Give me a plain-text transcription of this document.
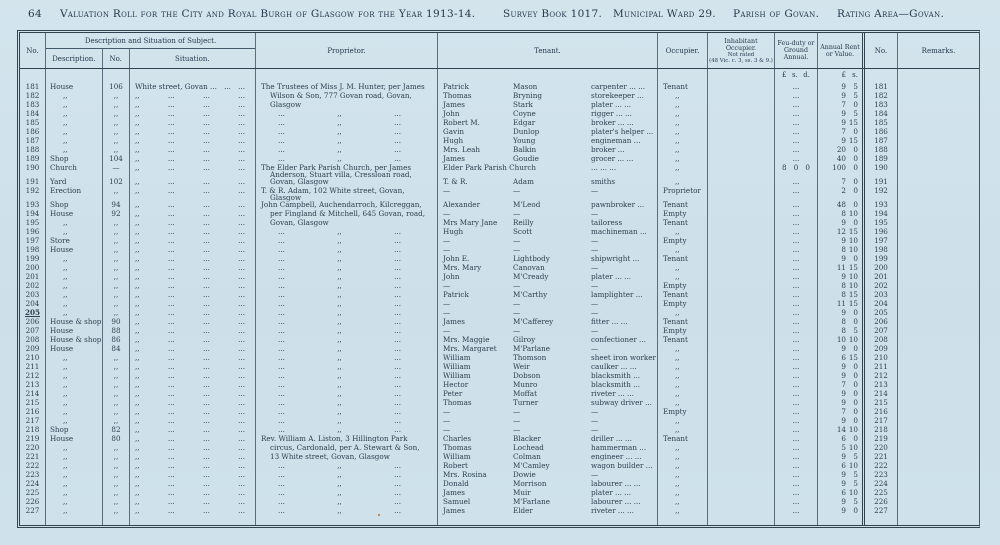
64 Valuation Roll for the City and Royal Burgh of Glasgow for the Year 1913-14.	Survey Book 1017. Municipal Ward 29. Parish of Govan. Rating Area—Govan.
No.
Description and Situation of Subject.
Description.	No.	Situation.
Proprietor.	Tenant.	Occupier.
Inhabitant Occupier.
Not rated
(48 Vic. c. 3, ss. 3 & 9.)
Feu-duty or Ground Annual.
Annual Rent or Value.	No.	Remarks.
£ s. d.	£ s.
181	House	106	White street, Govan ... ... ...	The Trustees of Miss J. M. Hunter, per James	Patrick	Mason	carpenter ... ...	Tenant	...	9	5	181
182	,,	,,	,,	...	...	...	Wilson & Son, 777 Govan road, Govan,	Thomas	Bryning	storekeeper ...	,,	...	9	5	182
183	,,	,,	,,	...	...	...	Glasgow	James	Stark	plater ... ...	,,	...	7	0	183
184	,,	,,	,,	...	...	...	...	,,	...	John	Coyne	rigger ... ...	,,	...	9	5	184
185	,,	,,	,,	...	...	...	...	,,	...	Robert M.	Edgar	broker ... ...	,,	...	9 15	185
186	,,	,,	,,	...	...	...	...	,,	...	Gavin	Dunlop	plater's helper ...	,,	...	7	0	186
187	,,	,,	,,	...	...	...	...	,,	...	Hugh	Young	engineman ...	,,	...	9 15	187
188	,,	,,	,,	...	...	...	...	,,	...	Mrs. Leah	Balkin	broker ...	,,	...	20	0	188
189	Shop	104	,,	...	...	...	...	,,	...	James	Goudie	grocer ... ...	,,	...	40	0	189
190	Church	—	,,	...	...	...	The Elder Park Parish Church, per James	Elder Park Parish Church	... ... ...	,,	8 0 0	100	0	190
Anderson, Stuart villa, Cressloan road,
191	Yard	102	,,	...	...	...	Govan, Glasgow	T. & R.	Adam	smiths	,,	...	7	0	191
192	Erection	,,	,,	...	...	...	T. & R. Adam, 102 White street, Govan,	—	—	—	Proprietor	...	2	0	192
Glasgow
193	Shop	94	,,	...	...	...	John Campbell, Auchendarroch, Kilcreggan,	Alexander	M'Leod	pawnbroker ...	Tenant	...	48	0	193
194	House	92	,,	...	...	...	per Fingland & Mitchell, 645 Govan, road,	—	—	—	Empty	...	8 10	194
195	,,	,,	,,	...	...	...	Govan, Glasgow	Mrs Mary Jane	Reilly	tailoress	Tenant	...	9	0	195
196	,,	,,	,,	...	...	...	...	,,	...	Hugh	Scott	machineman ...	,,	...	12 15	196
197	Store	,,	,,	...	...	...	...	,,	...	—	—	—	Empty	...	9 10	197
198	House	,,	,,	...	...	...	...	,,	...	—	—	—	,,	...	8 10	198
199	,,	,,	,,	...	...	...	...	,,	...	John E.	Lightbody	shipwright ...	Tenant	...	9	0	199
200	,,	,,	,,	...	...	...	...	,,	...	Mrs. Mary	Canovan	—	,,	...	11 15	200
201	,,	,,	,,	...	...	...	...	,,	...	John	M'Cready	plater ... ...	,,	...	9 10	201
202	,,	,,	,,	...	...	...	...	,,	...	—	—	—	Empty	...	8 10	202
203	,,	,,	,,	...	...	...	...	,,	...	Patrick	M'Carthy	lamplighter ...	Tenant	...	8 15	203
204	,,	,,	,,	...	...	...	...	,,	...	—	—	—	Empty	...	11 15	204
205	,,	,,	,,	...	...	...	...	,,	...	—	—	—	,,	...	9	0	205
206	House & shop	90	,,	...	...	...	...	,,	...	James	M'Cafferey	fitter ... ...	Tenant	...	8	0	206
207	House	88	,,	...	...	...	...	,,	...	—	—	—	Empty	...	8	5	207
208	House & shop	86	,,	...	...	...	...	,,	...	Mrs. Maggie	Gilroy	confectioner ...	Tenant	...	10 10	208
209	House	84	,,	...	...	...	...	,,	...	Mrs. Margaret	M'Parlane	—	,,	...	9	0	209
210	,,	,,	,,	...	...	...	...	,,	...	William	Thomson	sheet iron worker	,,	...	6 15	210
211	,,	,,	,,	...	...	...	...	,,	...	William	Weir	caulker ... ...	,,	...	9	0	211
212	,,	,,	,,	...	...	...	...	,,	...	William	Dobson	blacksmith ...	,,	...	9	0	212
213	,,	,,	,,	...	...	...	...	,,	...	Hector	Munro	blacksmith ...	,,	...	7	0	213
214	,,	,,	,,	...	...	...	...	,,	...	Peter	Moffat	riveter ... ...	,,	...	9	0	214
215	,,	,,	,,	...	...	...	...	,,	...	Thomas	Turner	subway driver ...	,,	...	9	0	215
216	,,	,,	,,	...	...	...	...	,,	...	—	—	—	Empty	...	7	0	216
217	,,	,,	,,	...	...	...	...	,,	...	—	—	—	,,	...	9	0	217
218	Shop	82	,,	...	...	...	...	,,	...	—	—	—	,,	...	14 10	218
219	House	80	,,	...	...	...	Rev. William A. Liston, 3 Hillington Park	Charles	Blacker	driller ... ...	Tenant	...	6	0	219
220	,,	,,	,,	...	...	...	circus, Cardonald, per A. Stewart & Son,	Thomas	Lochead	hammerman ...	,,	...	5 10	220
221	,,	,,	,,	...	...	...	13 White street, Govan, Glasgow	William	Colman	engineer ... ...	,,	...	9	5	221
222	,,	,,	,,	...	...	...	...	,,	...	Robert	M'Camley	wagon builder ...	,,	...	6 10	222
223	,,	,,	,,	...	...	...	...	,,	...	Mrs. Rosina	Dowie	—	,,	...	9	5	223
224	,,	,,	,,	...	...	...	...	,,	...	Donald	Morrison	labourer ... ...	,,	...	9	5	224
225	,,	,,	,,	...	...	...	...	,,	...	James	Muir	plater ... ...	,,	...	6 10	225
226	,,	,,	,,	...	...	...	...	,,	...	Samuel	M'Farlane	labourer ... ...	,,	...	9	5	226
227	,,	,,	,,	...	...	...	...	,,	...	James	Elder	riveter ... ...	,,	...	9	0	227
